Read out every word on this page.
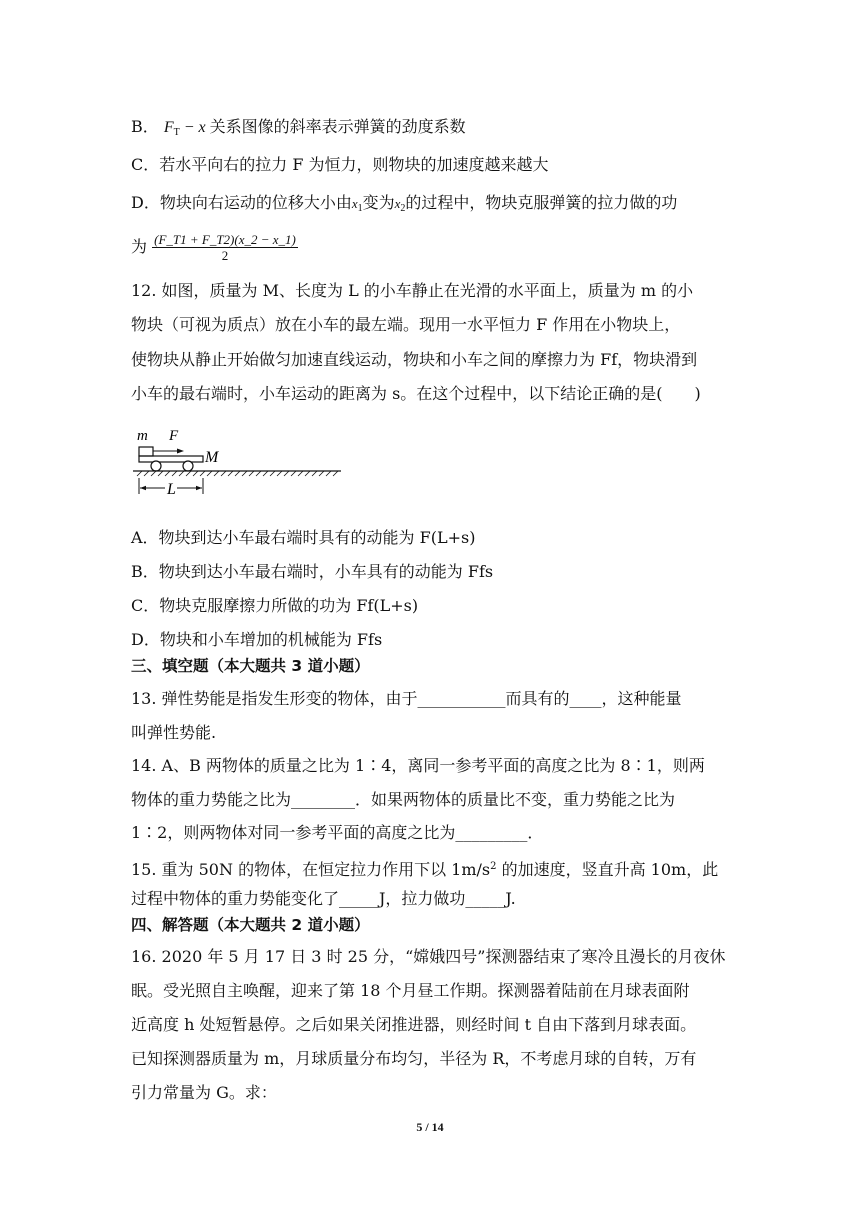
B． $F_T - x$ 关系图像的斜率表示弹簧的劲度系数
C．若水平向右的拉力 F 为恒力，则物块的加速度越来越大
D．物块向右运动的位移大小由$x_1$变为$x_2$的过程中，物块克服弹簧的拉力做的功
为 $\frac{(F\_T1 + F\_T2)(x\_2 - x\_1)}{2}$
12. 如图，质量为 M、长度为 L 的小车静止在光滑的水平面上，质量为 m 的小
物块（可视为质点）放在小车的最左端。现用一水平恒力 F 作用在小物块上，
使物块从静止开始做匀加速直线运动，物块和小车之间的摩擦力为 Ff，物块滑到
小车的最右端时，小车运动的距离为 s。在这个过程中，以下结论正确的是(　　)
m F
M
L
A．物块到达小车最右端时具有的动能为 F(L+s)
B．物块到达小车最右端时，小车具有的动能为 Ffs
C．物块克服摩擦力所做的功为 Ff(L+s)
D．物块和小车增加的机械能为 Ffs
三、填空题（本大题共 3 道小题）
13. 弹性势能是指发生形变的物体，由于___________而具有的____，这种能量
叫弹性势能.
14. A、B 两物体的质量之比为 1∶4，离同一参考平面的高度之比为 8∶1，则两
物体的重力势能之比为________．如果两物体的质量比不变，重力势能之比为
1∶2，则两物体对同一参考平面的高度之比为_________．
15. 重为 50N 的物体，在恒定拉力作用下以 $1m/s^2$ 的加速度，竖直升高 10m，此
过程中物体的重力势能变化了_____J，拉力做功_____J.
四、解答题（本大题共 2 道小题）
16. 2020 年 5 月 17 日 3 时 25 分，“嫦娥四号”探测器结束了寒冷且漫长的月夜休
眠。受光照自主唤醒，迎来了第 18 个月昼工作期。探测器着陆前在月球表面附
近高度 h 处短暂悬停。之后如果关闭推进器，则经时间 t 自由下落到月球表面。
已知探测器质量为 m，月球质量分布均匀，半径为 R，不考虑月球的自转，万有
引力常量为 G。求：
5 / 14
